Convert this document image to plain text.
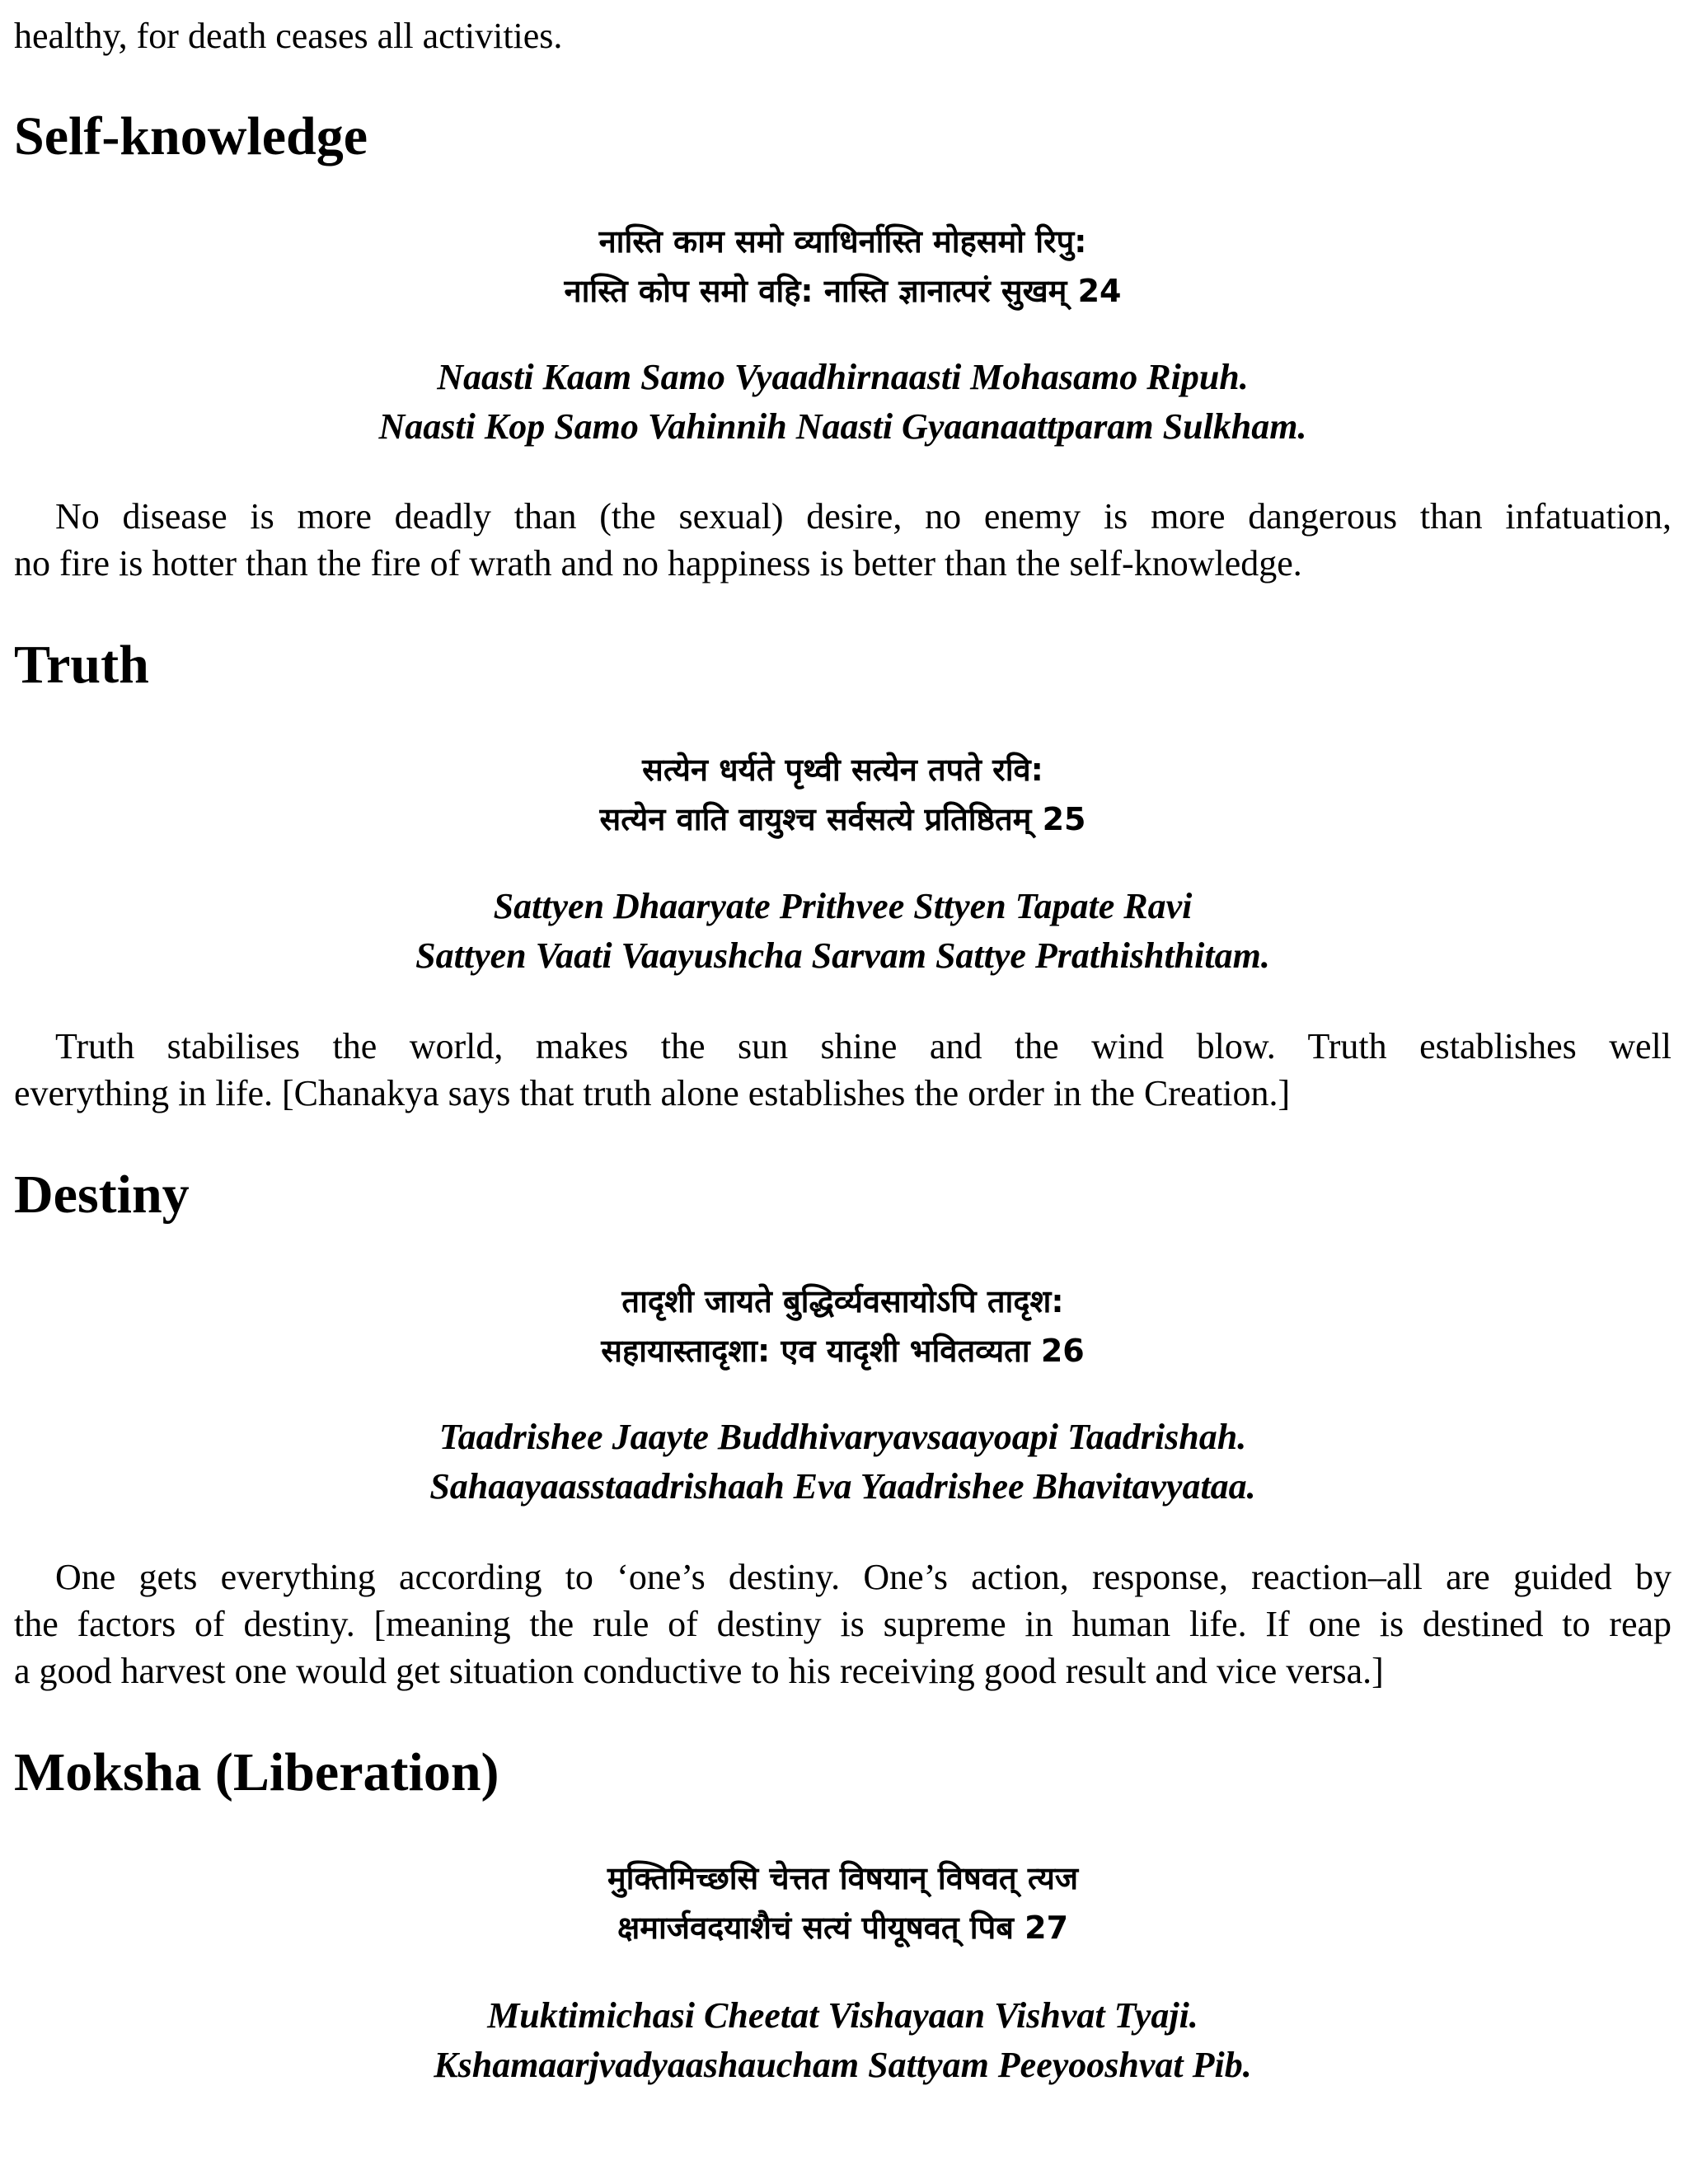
healthy, for death ceases all activities.

Self-knowledge

नास्ति काम समो व्याधिर्नास्ति मोहसमो रिपु:

नास्ति कोप समो वहि: नास्ति ज्ञानात्परं सुखम् 24

Naasti Kaam Samo Vyaadhirnaasti Mohasamo Ripuh.

Naasti Kop Samo Vahinnih Naasti Gyaanaattparam Sulkham.

No disease is more deadly than (the sexual) desire, no enemy is more dangerous than infatuation,

no fire is hotter than the fire of wrath and no happiness is better than the self-knowledge.

Truth

सत्येन धर्यते पृथ्वी सत्येन तपते रवि:

सत्येन वाति वायुश्च सर्वसत्ये प्रतिष्ठितम् 25

Sattyen Dhaaryate Prithvee Sttyen Tapate Ravi

Sattyen Vaati Vaayushcha Sarvam Sattye Prathishthitam.

Truth stabilises the world, makes the sun shine and the wind blow. Truth establishes well

everything in life. [Chanakya says that truth alone establishes the order in the Creation.]

Destiny

तादृशी जायते बुद्धिर्व्यवसायोऽपि तादृश:

सहायास्तादृशा: एव यादृशी भवितव्यता 26

Taadrishee Jaayte Buddhivaryavsaayoapi Taadrishah.

Sahaayaasstaadrishaah Eva Yaadrishee Bhavitavyataa.

One gets everything according to ‘one’s destiny. One’s action, response, reaction–all are guided by

the factors of destiny. [meaning the rule of destiny is supreme in human life. If one is destined to reap

a good harvest one would get situation conductive to his receiving good result and vice versa.]

Moksha (Liberation)

मुक्तिमिच्छसि चेत्तत विषयान् विषवत् त्यज

क्षमार्जवदयाशैचं सत्यं पीयूषवत् पिब 27

Muktimichasi Cheetat Vishayaan Vishvat Tyaji.

Kshamaarjvadyaashaucham Sattyam Peeyooshvat Pib.
